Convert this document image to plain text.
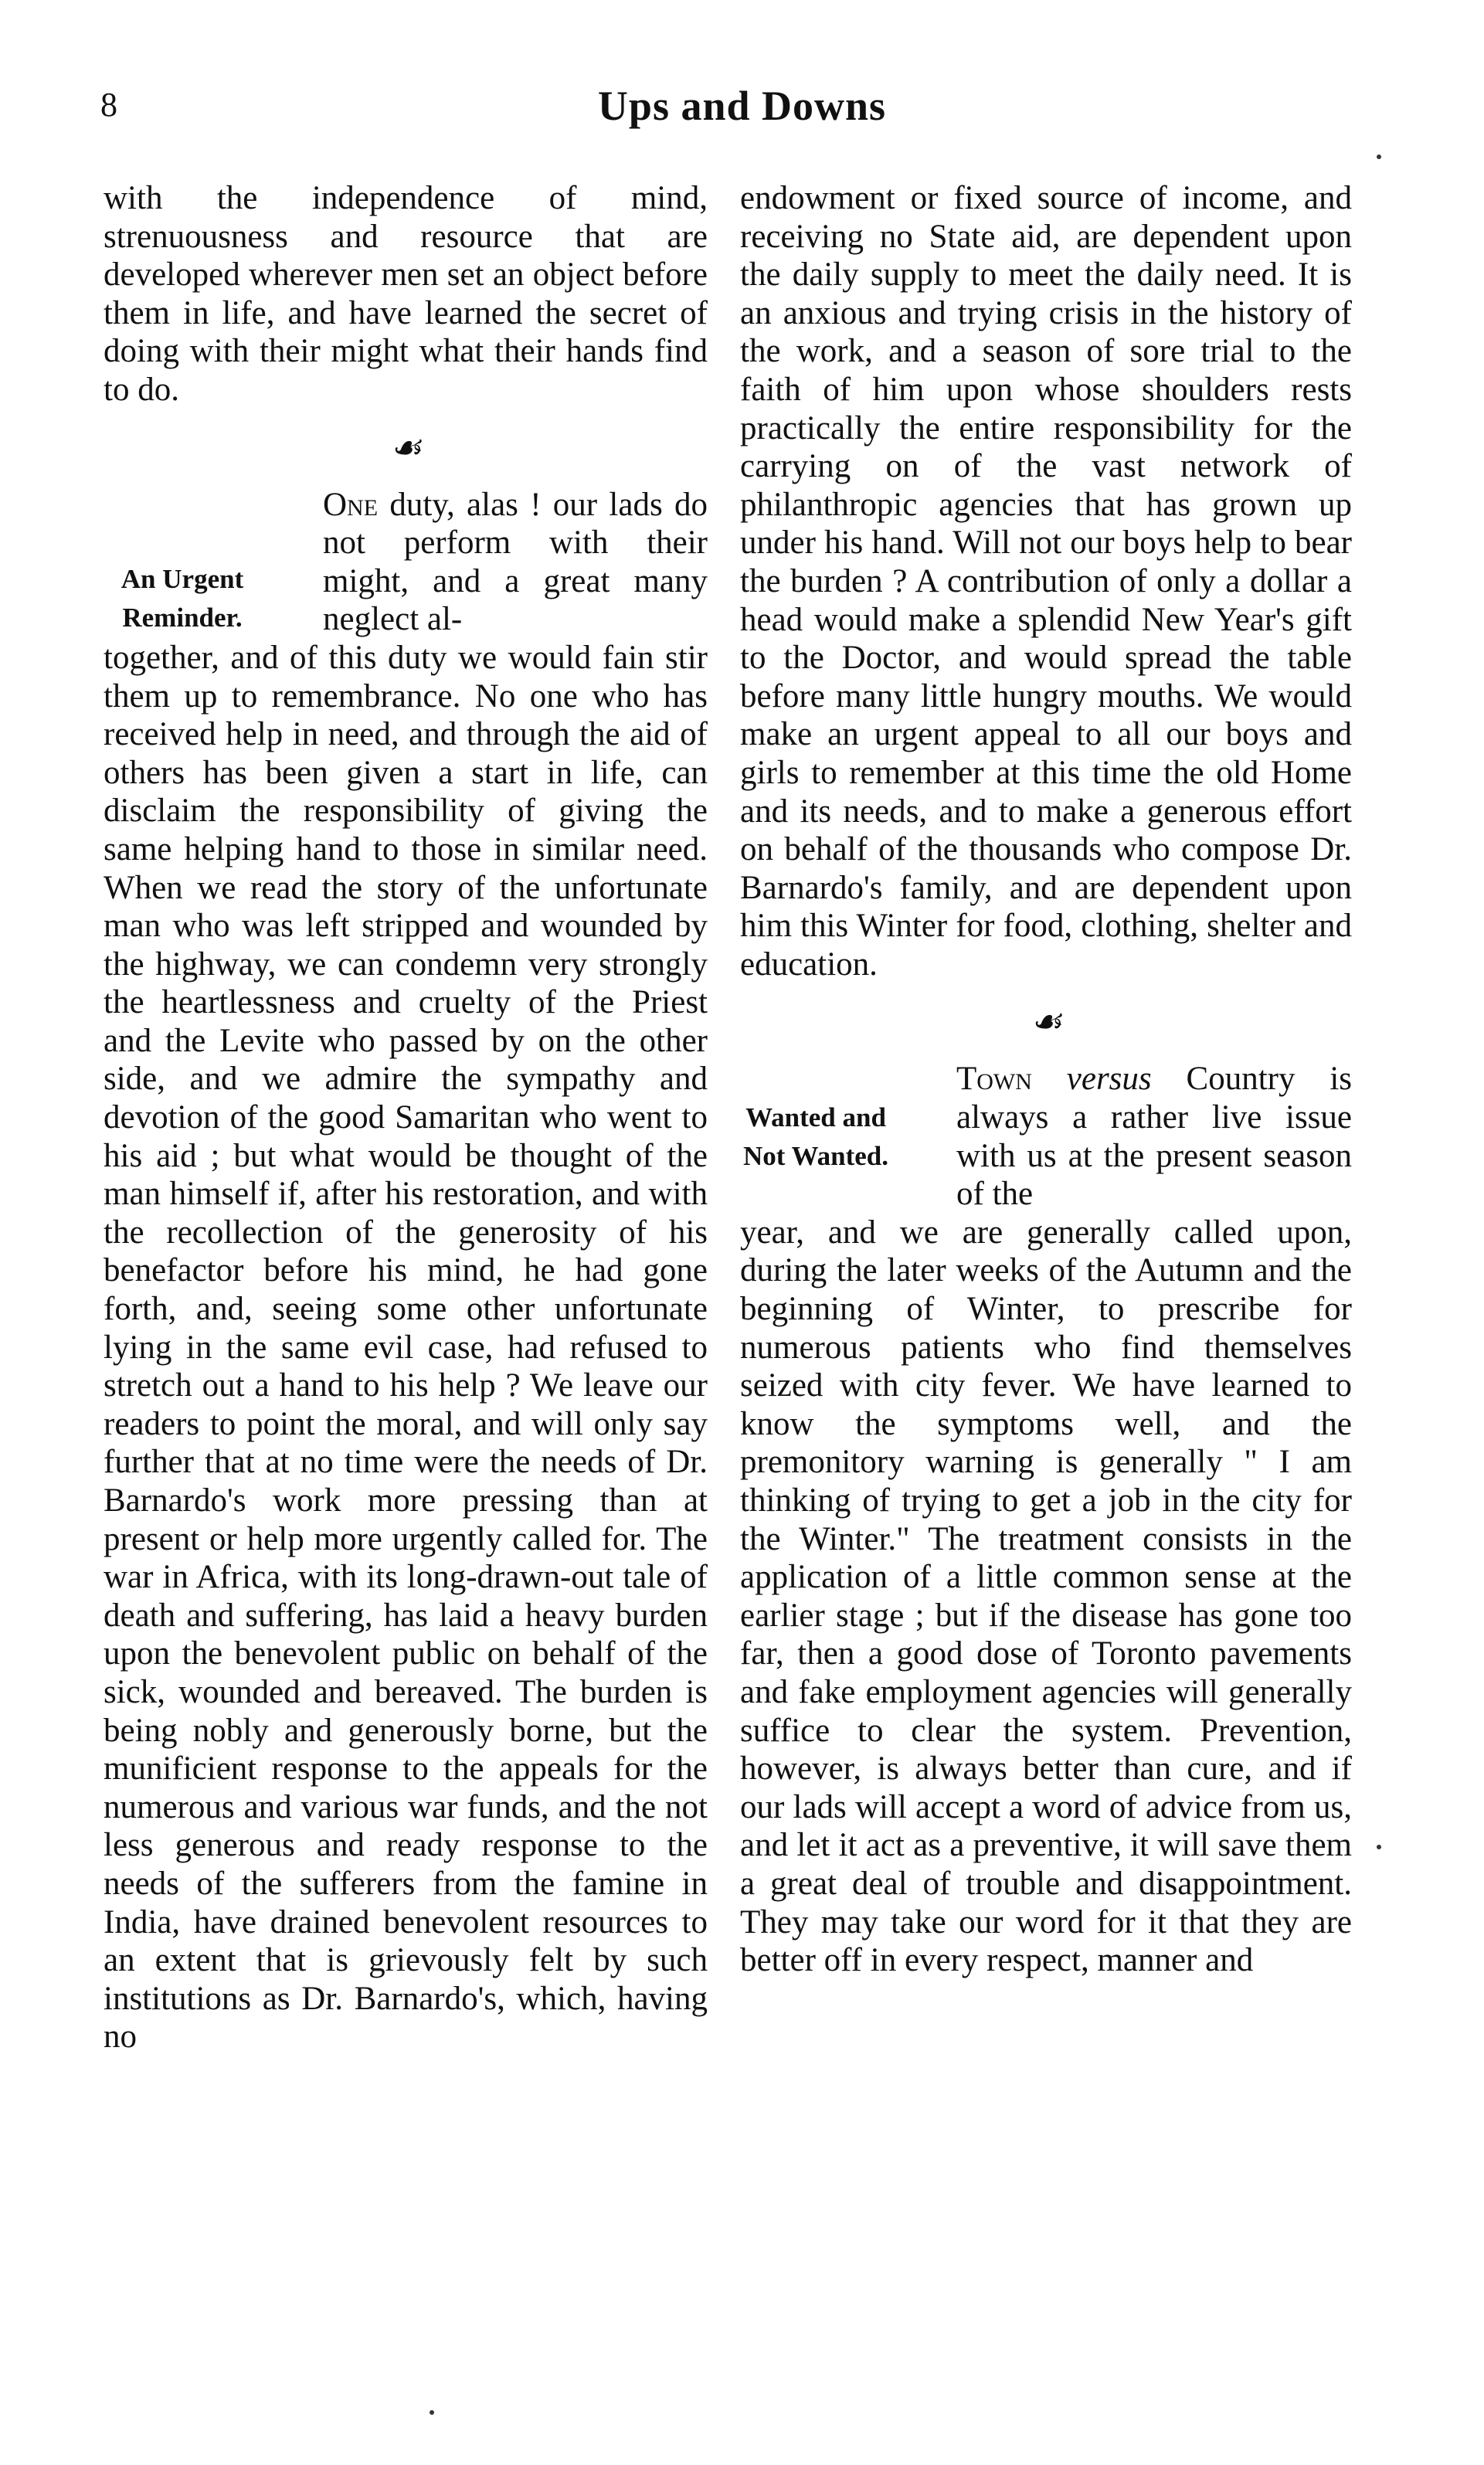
8	Ups and Downs

with the independence of mind, strenuousness and resource that are developed wherever men set an object before them in life, and have learned the secret of doing with their might what their hands find to do.

☙
An Urgent
Reminder.

One duty, alas ! our lads do not perform with their might, and a great many neglect al-

together, and of this duty we would fain stir them up to remembrance. No one who has received help in need, and through the aid of others has been given a start in life, can disclaim the responsibility of giving the same helping hand to those in similar need. When we read the story of the unfortunate man who was left stripped and wounded by the highway, we can condemn very strongly the heartlessness and cruelty of the Priest and the Levite who passed by on the other side, and we admire the sympathy and devotion of the good Samaritan who went to his aid ; but what would be thought of the man himself if, after his restoration, and with the recollection of the generosity of his benefactor before his mind, he had gone forth, and, seeing some other unfortunate lying in the same evil case, had refused to stretch out a hand to his help ? We leave our readers to point the moral, and will only say further that at no time were the needs of Dr. Barnardo's work more pressing than at present or help more urgently called for. The war in Africa, with its long-drawn-out tale of death and suffering, has laid a heavy burden upon the benevolent public on behalf of the sick, wounded and bereaved. The burden is being nobly and generously borne, but the munificient response to the appeals for the numerous and various war funds, and the not less generous and ready response to the needs of the sufferers from the famine in India, have drained benevolent resources to an extent that is grievously felt by such institutions as Dr. Barnardo's, which, having no

endowment or fixed source of income, and receiving no State aid, are dependent upon the daily supply to meet the daily need. It is an anxious and trying crisis in the history of the work, and a season of sore trial to the faith of him upon whose shoulders rests practically the entire responsibility for the carrying on of the vast network of philanthropic agencies that has grown up under his hand. Will not our boys help to bear the burden ? A contribution of only a dollar a head would make a splendid New Year's gift to the Doctor, and would spread the table before many little hungry mouths. We would make an urgent appeal to all our boys and girls to remember at this time the old Home and its needs, and to make a generous effort on behalf of the thousands who compose Dr. Barnardo's family, and are dependent upon him this Winter for food, clothing, shelter and education.

☙
Wanted and
Not Wanted.

Town versus Country is always a rather live issue with us at the present season of the

year, and we are generally called upon, during the later weeks of the Autumn and the beginning of Winter, to prescribe for numerous patients who find themselves seized with city fever. We have learned to know the symptoms well, and the premonitory warning is generally " I am thinking of trying to get a job in the city for the Winter." The treatment consists in the application of a little common sense at the earlier stage ; but if the disease has gone too far, then a good dose of Toronto pavements and fake employment agencies will generally suffice to clear the system. Prevention, however, is always better than cure, and if our lads will accept a word of advice from us, and let it act as a preventive, it will save them a great deal of trouble and disappointment. They may take our word for it that they are better off in every respect, manner and
